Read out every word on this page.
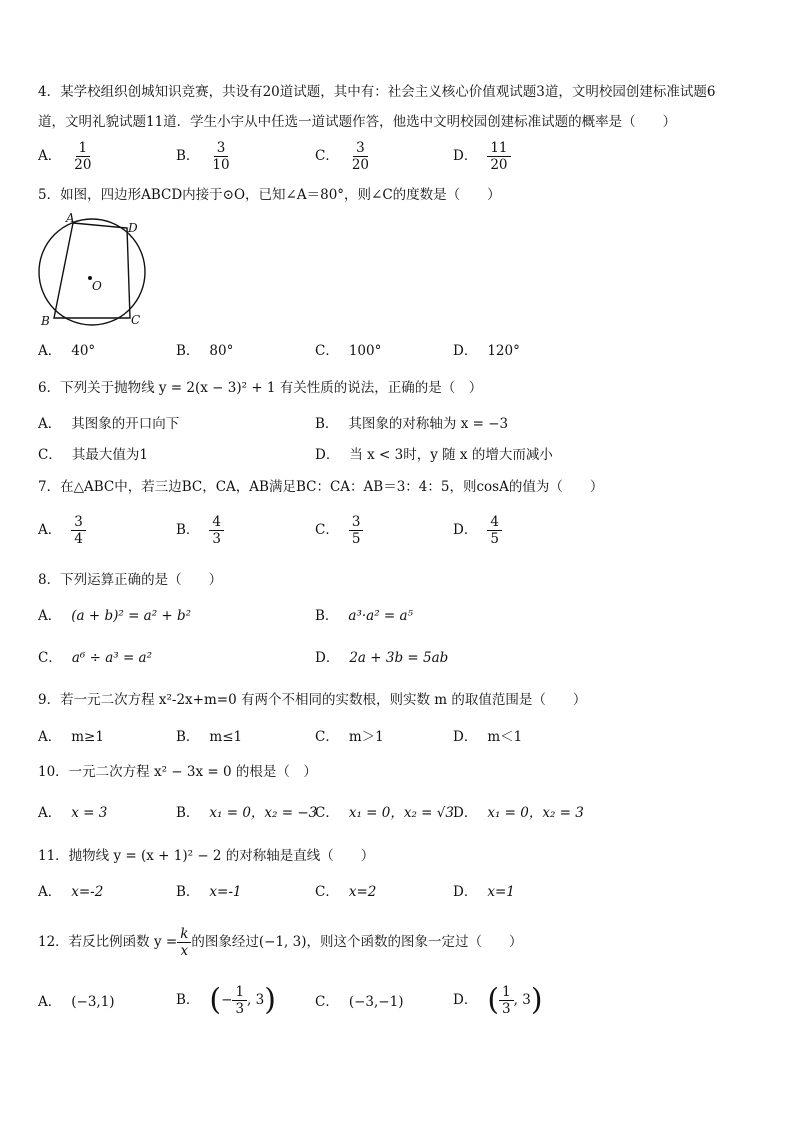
4．某学校组织创城知识竞赛，共设有20道试题，其中有：社会主义核心价值观试题3道，文明校园创建标准试题6
道，文明礼貌试题11道．学生小宇从中任选一道试题作答，他选中文明校园创建标准试题的概率是（　　）
A． $\frac{1}{20}$	B． $\frac{3}{10}$	C． $\frac{3}{20}$	D． $\frac{11}{20}$
5．如图，四边形ABCD内接于⊙O，已知∠A＝80°，则∠C的度数是（　　）
A
D
B	C
O
A． 40°	B． 80°	C． 100°	D． 120°
6．下列关于抛物线 y = 2(x − 3)² + 1 有关性质的说法，正确的是（　）
A． 其图象的开口向下	B． 其图象的对称轴为 x = −3
C． 其最大值为1	D． 当 x < 3时，y 随 x 的增大而减小
7．在△ABC中，若三边BC，CA，AB满足BC：CA：AB＝3：4：5，则cosA的值为（　　）
A． $\frac{3}{4}$	B． $\frac{4}{3}$	C． $\frac{3}{5}$	D． $\frac{4}{5}$
8．下列运算正确的是（　　）
A． (a + b)² = a² + b²	B． a³·a² = a⁵
C． a⁶ ÷ a³ = a²	D． 2a + 3b = 5ab
9．若一元二次方程 x²-2x+m=0 有两个不相同的实数根，则实数 m 的取值范围是（　　）
A． m≥1	B． m≤1	C． m＞1	D． m＜1
10．一元二次方程 x² − 3x = 0 的根是（　）
A． x = 3	B． x₁ = 0，x₂ = −3
C． x₁ = 0，x₂ = √3 D． x₁ = 0，x₂ = 3
11．抛物线 y = (x + 1)² − 2 的对称轴是直线（　　）
A． x=-2	B． x=-1	C． x=2	D． x=1
12．若反比例函数 $y = \frac{k}{x}$ 的图象经过(−1, 3)，则这个函数的图象一定过（　　）
A． (−3,1)	B． (− $\frac{1}{3}$ , 3)	C． (−3,−1)	D． ( $\frac{1}{3}$ , 3)
